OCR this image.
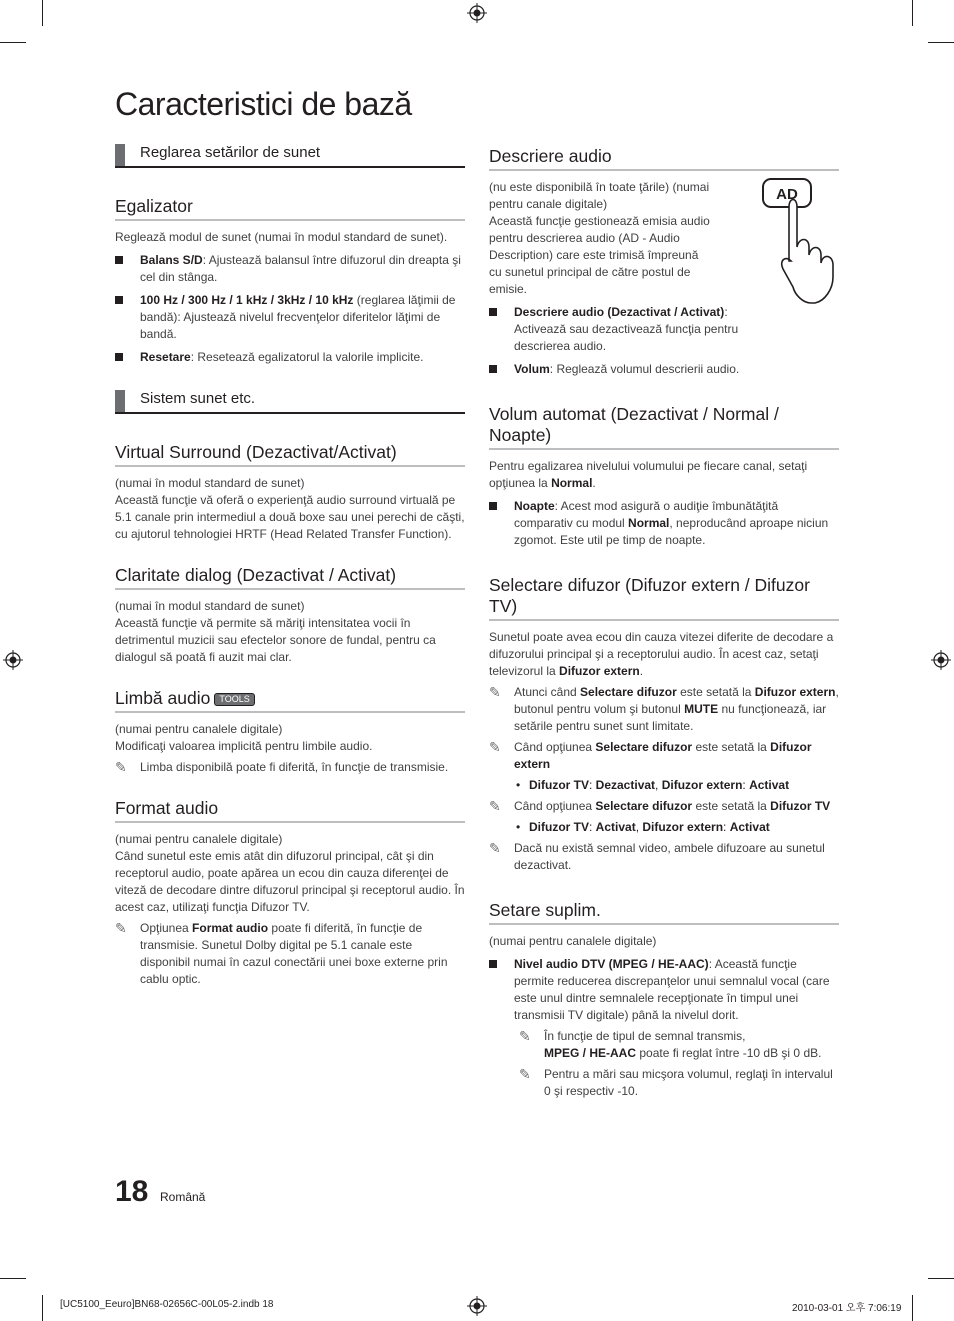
Caracteristici de bază
Reglarea setărilor de sunet
Egalizator

Reglează modul de sunet (numai în modul standard de sunet).

Balans S/D: Ajustează balansul între difuzorul din dreapta şi cel din stânga.
100 Hz / 300 Hz / 1 kHz / 3kHz / 10 kHz (reglarea lăţimii de bandă): Ajustează nivelul frecvenţelor diferitelor lăţimi de bandă.
Resetare: Resetează egalizatorul la valorile implicite.
Sistem sunet etc.
Virtual Surround (Dezactivat/Activat)

(numai în modul standard de sunet)

Această funcţie vă oferă o experienţă audio surround virtuală pe 5.1 canale prin intermediul a două boxe sau unei perechi de căşti, cu ajutorul tehnologiei HRTF (Head Related Transfer Function).

Claritate dialog (Dezactivat / Activat)

(numai în modul standard de sunet)

Această funcţie vă permite să măriţi intensitatea vocii în detrimentul muzicii sau efectelor sonore de fundal, pentru ca dialogul să poată fi auzit mai clar.

Limbă audio TOOLS

(numai pentru canalele digitale)

Modificaţi valoarea implicită pentru limbile audio.

✎ Limba disponibilă poate fi diferită, în funcţie de transmisie.
Format audio

(numai pentru canalele digitale)

Când sunetul este emis atât din difuzorul principal, cât şi din receptorul audio, poate apărea un ecou din cauza diferenţei de viteză de decodare dintre difuzorul principal şi receptorul audio. În acest caz, utilizaţi funcţia Difuzor TV.

✎ Opţiunea Format audio poate fi diferită, în funcţie de transmisie. Sunetul Dolby digital pe 5.1 canale este disponibil numai în cazul conectării unei boxe externe prin cablu optic.
Descriere audio

(nu este disponibilă în toate ţările) (numai pentru canale digitale)

Această funcţie gestionează emisia audio pentru descrierea audio (AD - Audio Description) care este trimisă împreună cu sunetul principal de către postul de emisie.

AD
Descriere audio (Dezactivat / Activat): Activează sau dezactivează funcţia pentru descrierea audio.
Volum: Reglează volumul descrierii audio.
Volum automat (Dezactivat / Normal / Noapte)

Pentru egalizarea nivelului volumului pe fiecare canal, setaţi opţiunea la Normal.

Noapte: Acest mod asigură o audiţie îmbunătăţită comparativ cu modul Normal, neproducând aproape niciun zgomot. Este util pe timp de noapte.
Selectare difuzor (Difuzor extern / Difuzor TV)

Sunetul poate avea ecou din cauza vitezei diferite de decodare a difuzorului principal şi a receptorului audio. În acest caz, setaţi televizorul la Difuzor extern.

✎ Atunci când Selectare difuzor este setată la Difuzor extern, butonul pentru volum şi butonul MUTE nu funcţionează, iar setările pentru sunet sunt limitate.
✎ Când opţiunea Selectare difuzor este setată la Difuzor extern
• Difuzor TV: Dezactivat, Difuzor extern: Activat
✎ Când opţiunea Selectare difuzor este setată la Difuzor TV
• Difuzor TV: Activat, Difuzor extern: Activat
✎ Dacă nu există semnal video, ambele difuzoare au sunetul dezactivat.
Setare suplim.

(numai pentru canalele digitale)

Nivel audio DTV (MPEG / HE-AAC): Această funcţie permite reducerea discrepanţelor unui semnalul vocal (care este unul dintre semnalele recepţionate în timpul unei transmisii TV digitale) până la nivelul dorit.
✎ În funcţie de tipul de semnal transmis,
MPEG / HE-AAC poate fi reglat între -10 dB şi 0 dB.
✎ Pentru a mări sau micşora volumul, reglaţi în intervalul 0 şi respectiv -10.
18 Română
[UC5100_Eeuro]BN68-02656C-00L05-2.indb 18	2010-03-01 오후 7:06:19
